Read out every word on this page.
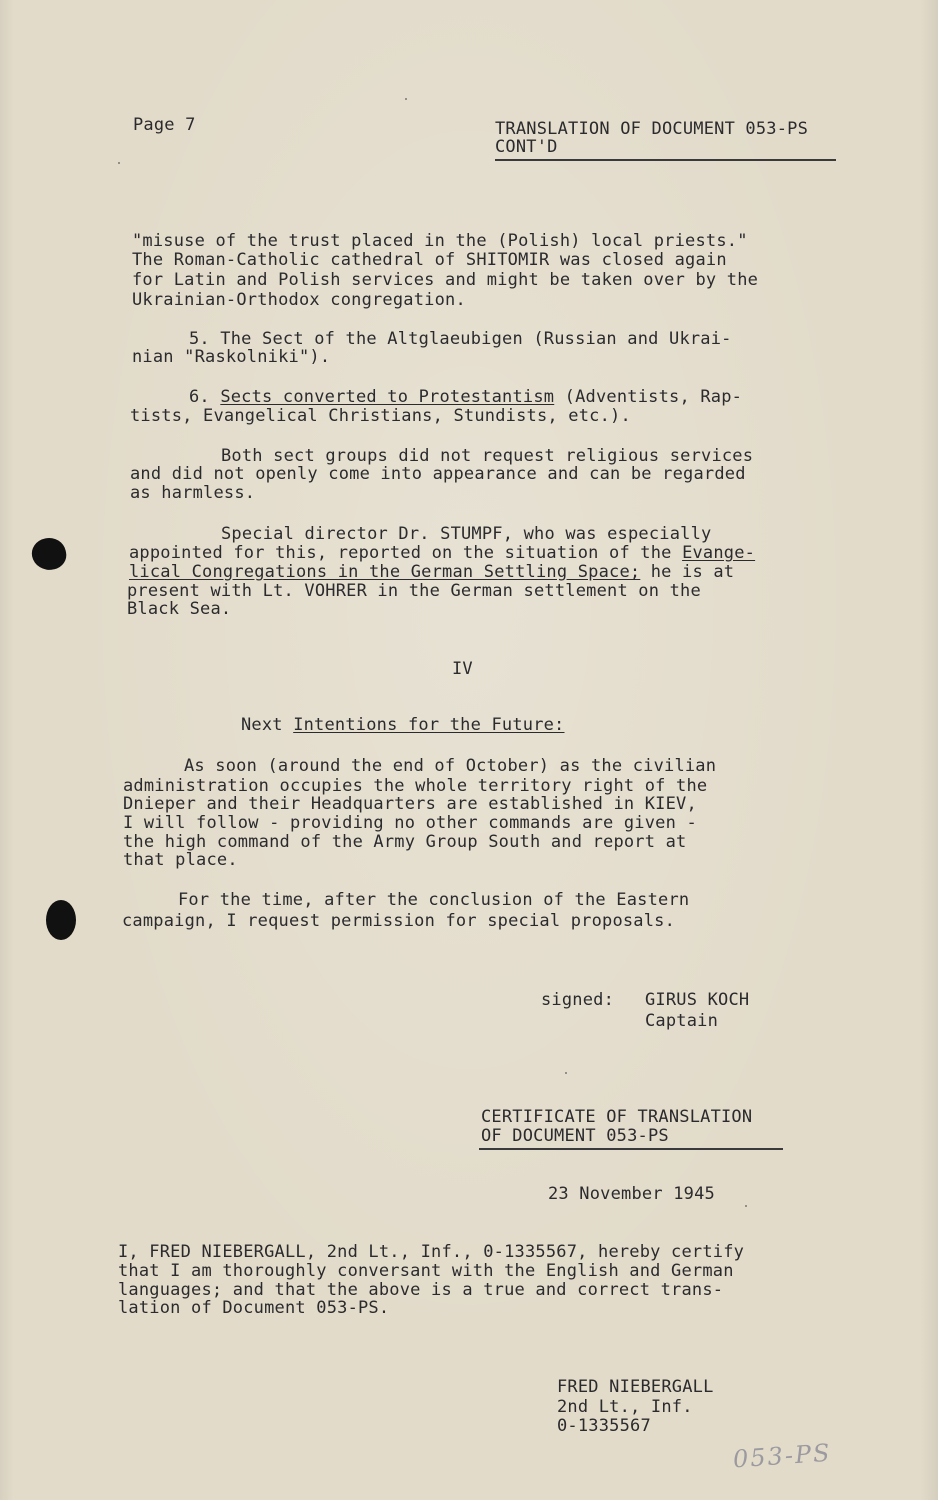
Page 7	TRANSLATION OF DOCUMENT 053-PS
CONT'D
"misuse of the trust placed in the (Polish) local priests."
The Roman-Catholic cathedral of SHITOMIR was closed again
for Latin and Polish services and might be taken over by the
Ukrainian-Orthodox congregation.
5. The Sect of the Altglaeubigen (Russian and Ukrai-
nian "Raskolniki").
6. Sects converted to Protestantism (Adventists, Rap-
tists, Evangelical Christians, Stundists, etc.).
Both sect groups did not request religious services
and did not openly come into appearance and can be regarded
as harmless.
Special director Dr. STUMPF, who was especially
appointed for this, reported on the situation of the Evange-
lical Congregations in the German Settling Space; he is at
present with Lt. VOHRER in the German settlement on the
Black Sea.
IV
Next Intentions for the Future:
As soon (around the end of October) as the civilian
administration occupies the whole territory right of the
Dnieper and their Headquarters are established in KIEV,
I will follow - providing no other commands are given -
the high command of the Army Group South and report at
that place.
For the time, after the conclusion of the Eastern
campaign, I request permission for special proposals.
signed: GIRUS KOCH
Captain
CERTIFICATE OF TRANSLATION
OF DOCUMENT 053-PS
23 November 1945
I, FRED NIEBERGALL, 2nd Lt., Inf., 0-1335567, hereby certify
that I am thoroughly conversant with the English and German
languages; and that the above is a true and correct trans-
lation of Document 053-PS.
FRED NIEBERGALL
2nd Lt., Inf.
0-1335567
053-PS
